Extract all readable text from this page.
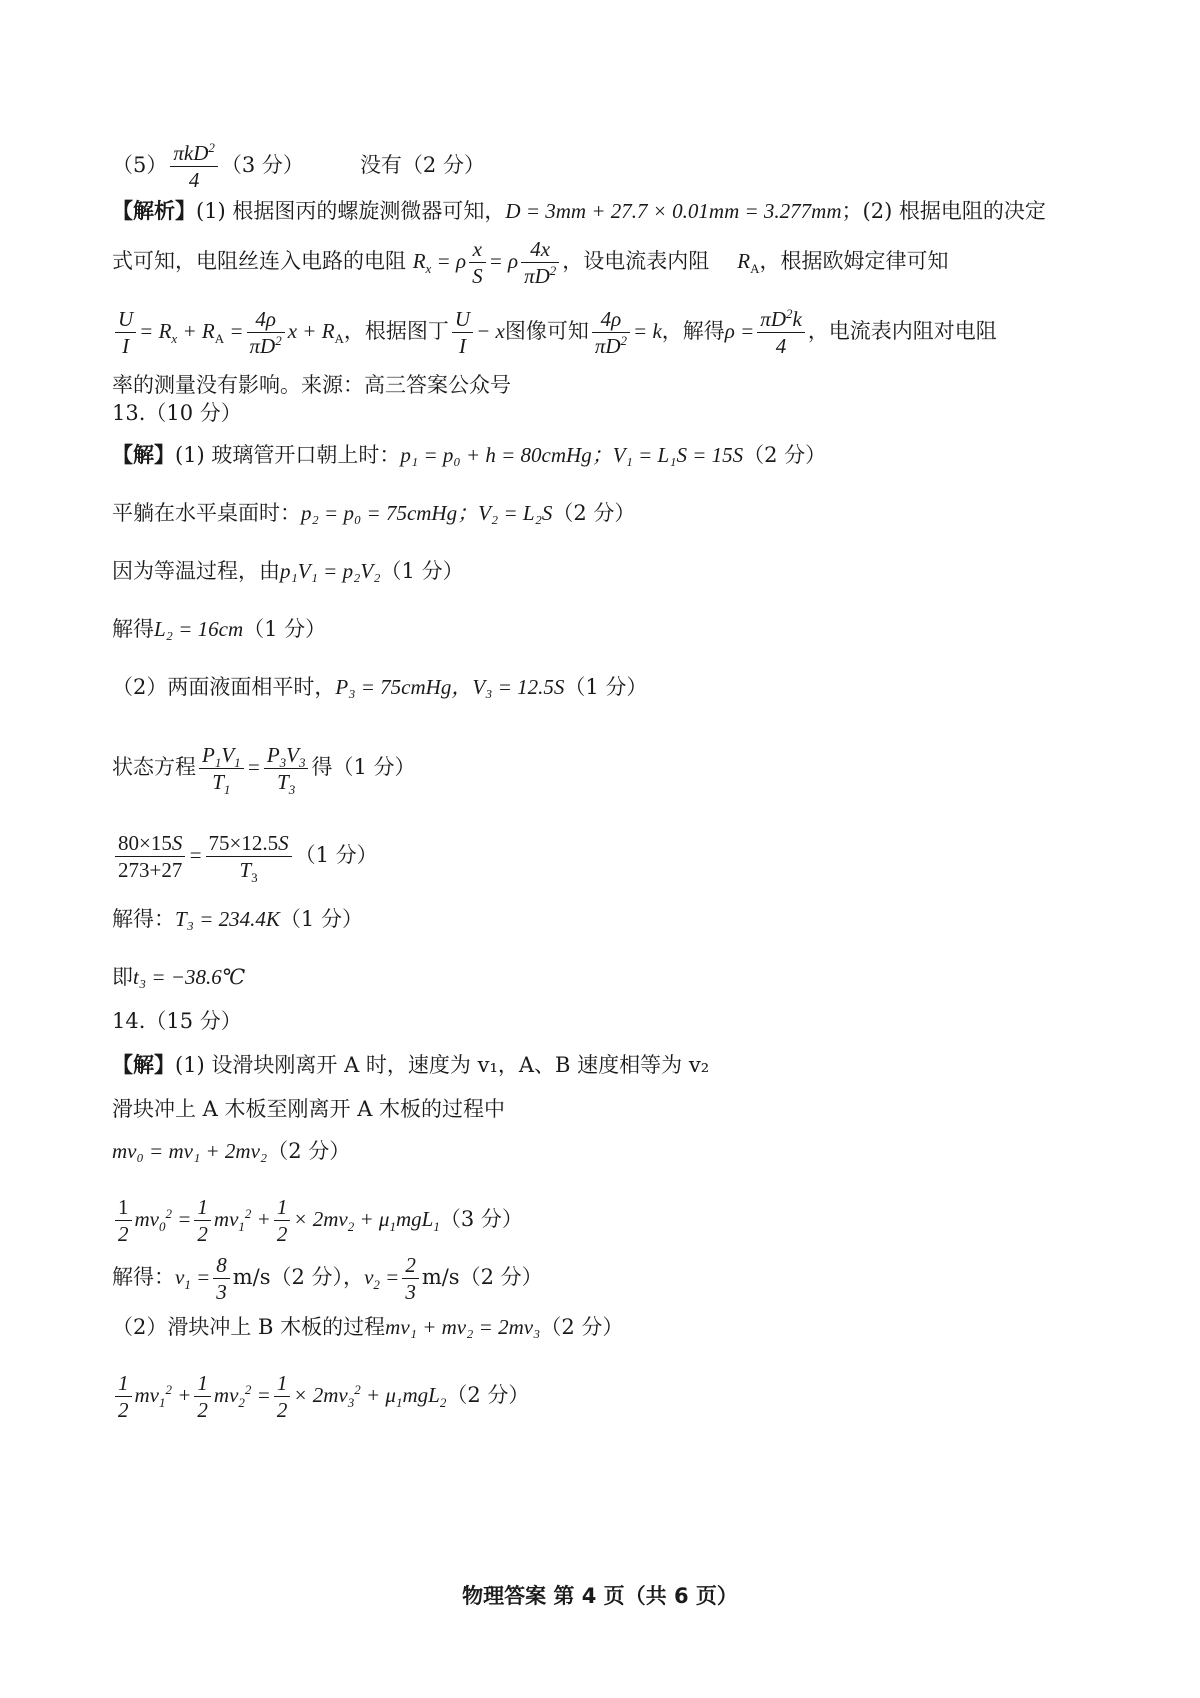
$(5) \frac{\pi kD^2}{4} (3$ 分）	没有（2 分）
【解析】(1) 根据图丙的螺旋测微器可知，D = 3mm + 27.7 × 0.01mm = 3.277mm；(2) 根据电阻的决定
式可知，电阻丝连入电路的电阻 $R_x = \rho \frac{x}{S} = \rho \frac{4x}{\pi D^2}$ ，设电流表内阻 $R_A$，根据欧姆定律可知
$\frac{U}{I} = R_x + R_A = \frac{4\rho}{\pi D^2}$ $x + R_A$，根据图丁 $\frac{U}{I} - x$图像可知 $\frac{4\rho}{\pi D^2} = k$，解得$\rho = \frac{\pi D^2k}{4}$ ，电流表内阻对电阻
率的测量没有影响。来源：高三答案公众号
13.（10 分）
【解】(1) 玻璃管开口朝上时：p₁ = p₀ + h = 80cmHg；V₁ = L₁S = 15S（2 分）
平躺在水平桌面时：p₂ = p₀ = 75cmHg；V₂ = L₂S（2 分）
因为等温过程，由p₁V₁ = p₂V₂（1 分）
解得L₂ = 16cm（1 分）
（2）两面液面相平时，P₃ = 75cmHg，V₃ = 12.5S（1 分）
状态方程 $\frac{P_1V_1}{T_1} = \frac{P_3V_3}{T_3}$ 得（1 分）
$\frac{80\times 15S}{273+27} = \frac{75\times 12.5S}{T_3} (1$ 分）
解得：T₃ = 234.4K（1 分）
即t₃ = −38.6℃
14.（15 分）
【解】(1) 设滑块刚离开 A 时，速度为 v₁，A、B 速度相等为 v₂
滑块冲上 A 木板至刚离开 A 木板的过程中
mv₀ = mv₁ + 2mv₂（2 分）
$\frac{1}{2} mv_0^2 = \frac{1}{2} mv_1^2 + \frac{1}{2} \times 2mv_2 + \mu_1mgL_1(3$ 分）
解得：$v_1 = \frac{8}{3} m/s(2$ 分），$v_2 = \frac{2}{3} m/s(2$ 分）
（2）滑块冲上 B 木板的过程mv₁ + mv₂ = 2mv₃（2 分）
$\frac{1}{2} mv_1^2 + \frac{1}{2} mv_2^2 = \frac{1}{2} \times 2mv_3^2 + \mu_1mgL_2(2$ 分）
物理答案 第 4 页（共 6 页）
